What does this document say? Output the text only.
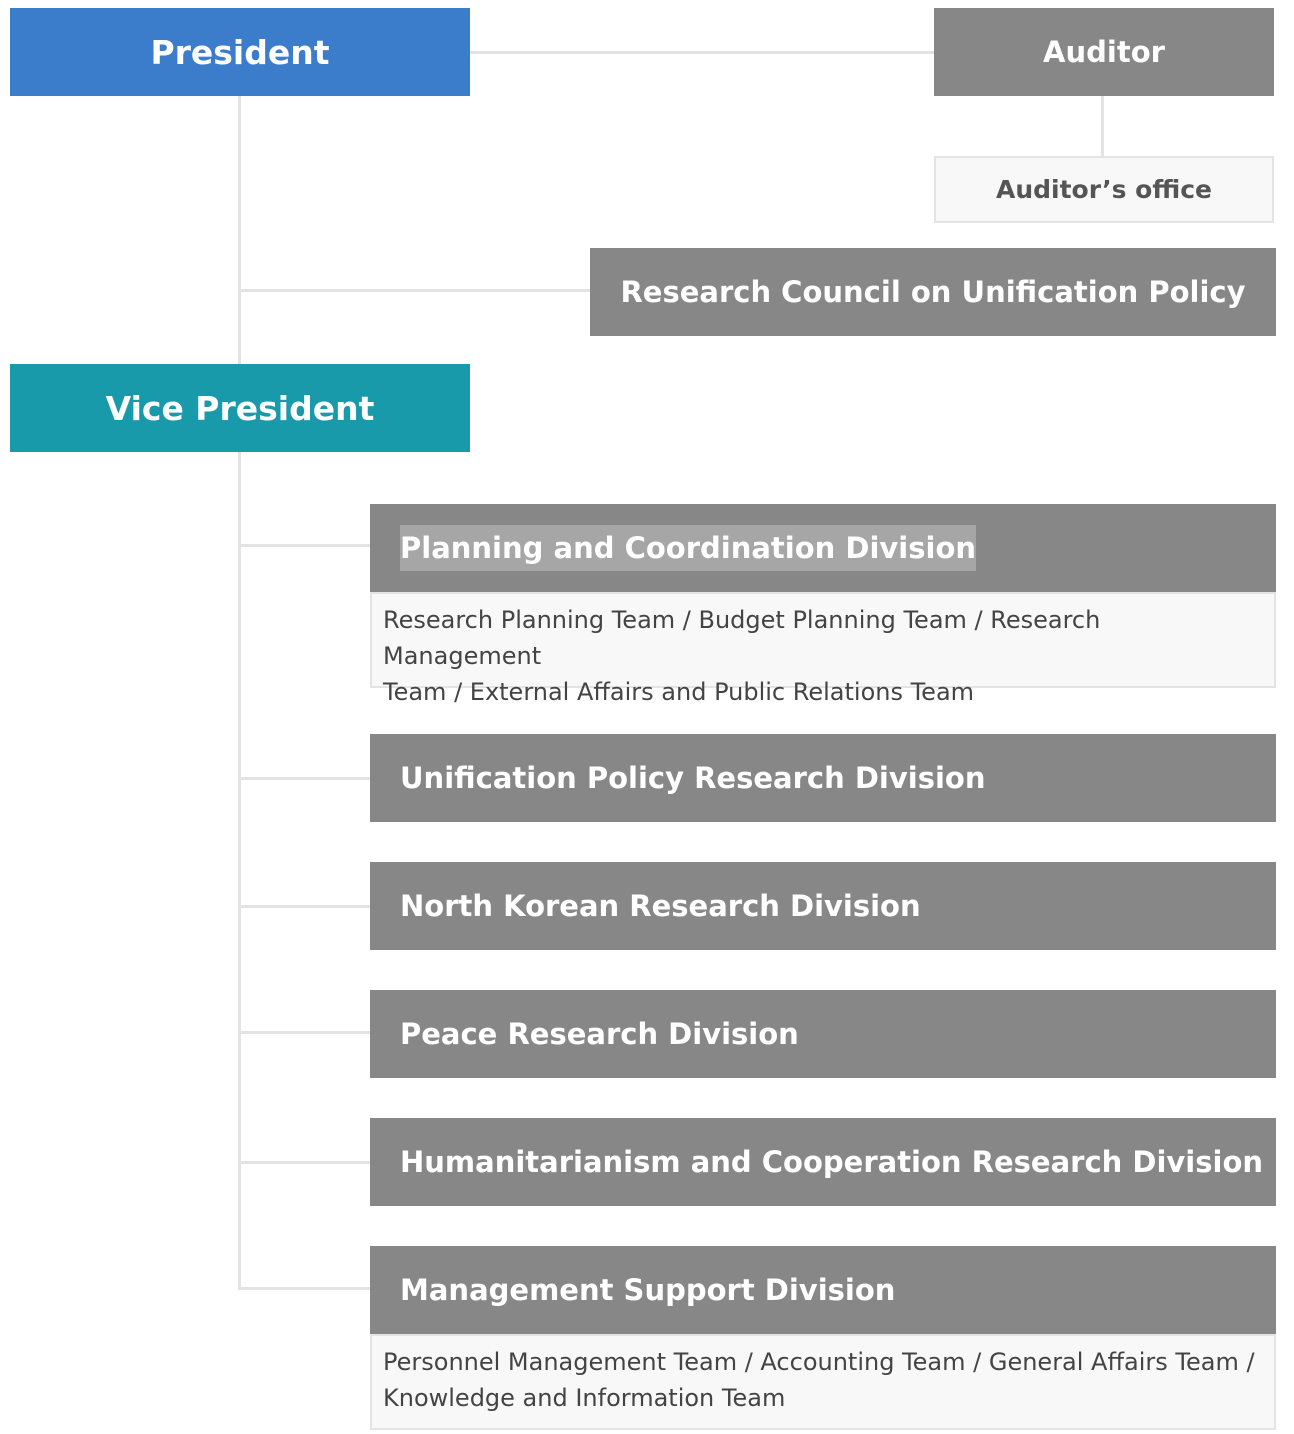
President	Auditor
Auditor’s office
Research Council on Unification Policy
Vice President
Planning and Coordination Division
Research Planning Team / Budget Planning Team / Research Management
Team / External Affairs and Public Relations Team
Unification Policy Research Division
North Korean Research Division
Peace Research Division
Humanitarianism and Cooperation Research Division
Management Support Division
Personnel Management Team / Accounting Team / General Affairs Team /
Knowledge and Information Team
